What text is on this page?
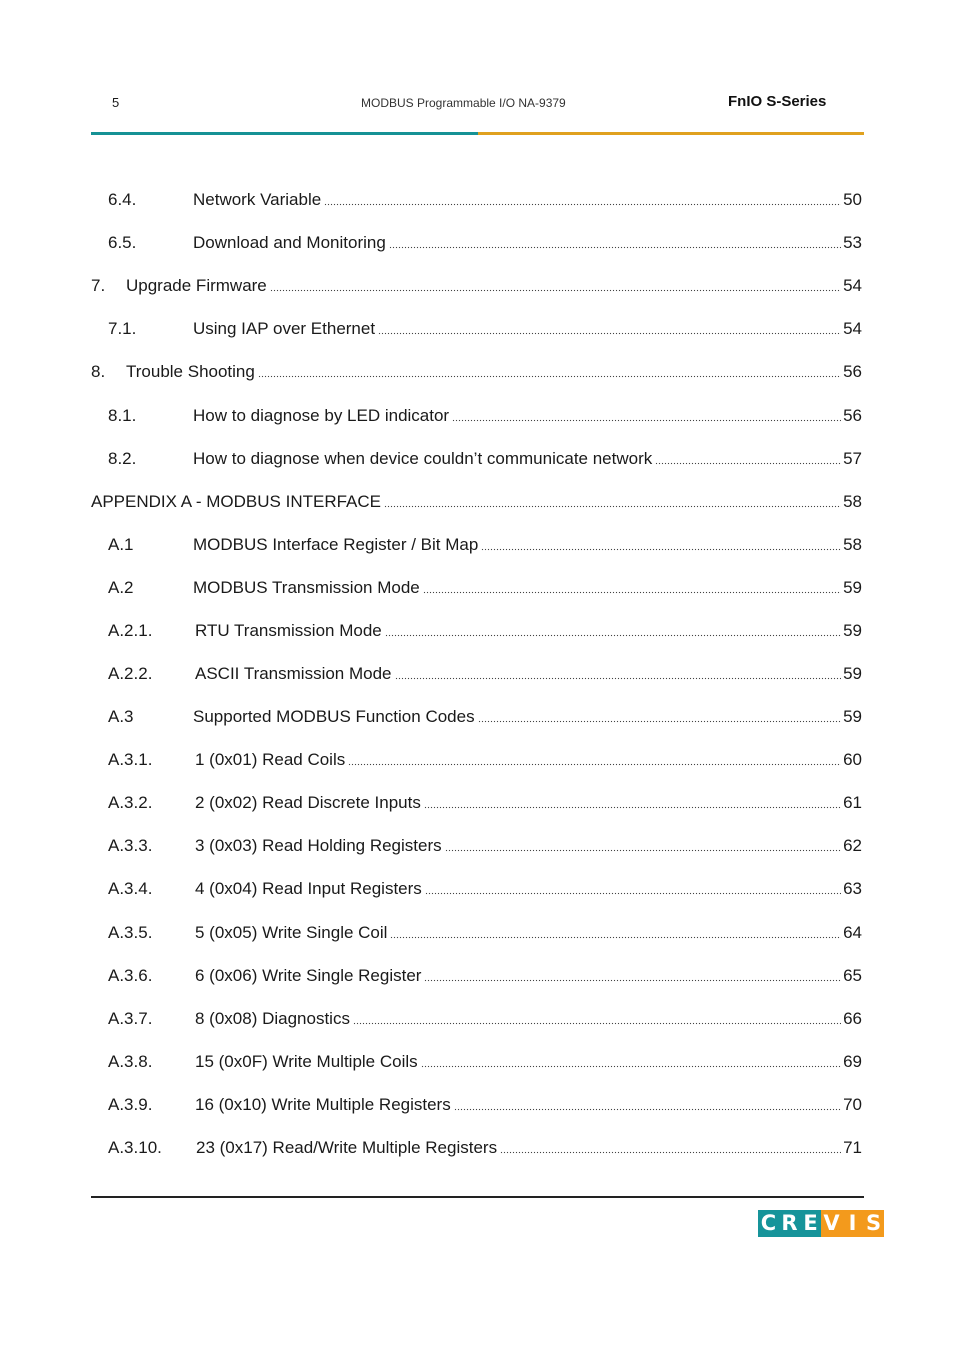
5	MODBUS Programmable I/O NA-9379	FnIO S-Series
6.4.	Network Variable	50
6.5.	Download and Monitoring	53
7.	Upgrade Firmware	54
7.1.	Using IAP over Ethernet	54
8.	Trouble Shooting	56
8.1.	How to diagnose by LED indicator	56
8.2.	How to diagnose when device couldn’t communicate network	57
APPENDIX A - MODBUS INTERFACE	58
A.1	MODBUS Interface Register / Bit Map	58
A.2	MODBUS Transmission Mode	59
A.2.1.	RTU Transmission Mode	59
A.2.2.	ASCII Transmission Mode	59
A.3	Supported MODBUS Function Codes	59
A.3.1.	1 (0x01) Read Coils	60
A.3.2.	2 (0x02) Read Discrete Inputs	61
A.3.3.	3 (0x03) Read Holding Registers	62
A.3.4.	4 (0x04) Read Input Registers	63
A.3.5.	5 (0x05) Write Single Coil	64
A.3.6.	6 (0x06) Write Single Register	65
A.3.7.	8 (0x08) Diagnostics	66
A.3.8.	15 (0x0F) Write Multiple Coils	69
A.3.9.	16 (0x10) Write Multiple Registers	70
A.3.10.	23 (0x17) Read/Write Multiple Registers	71
C R E V I S
